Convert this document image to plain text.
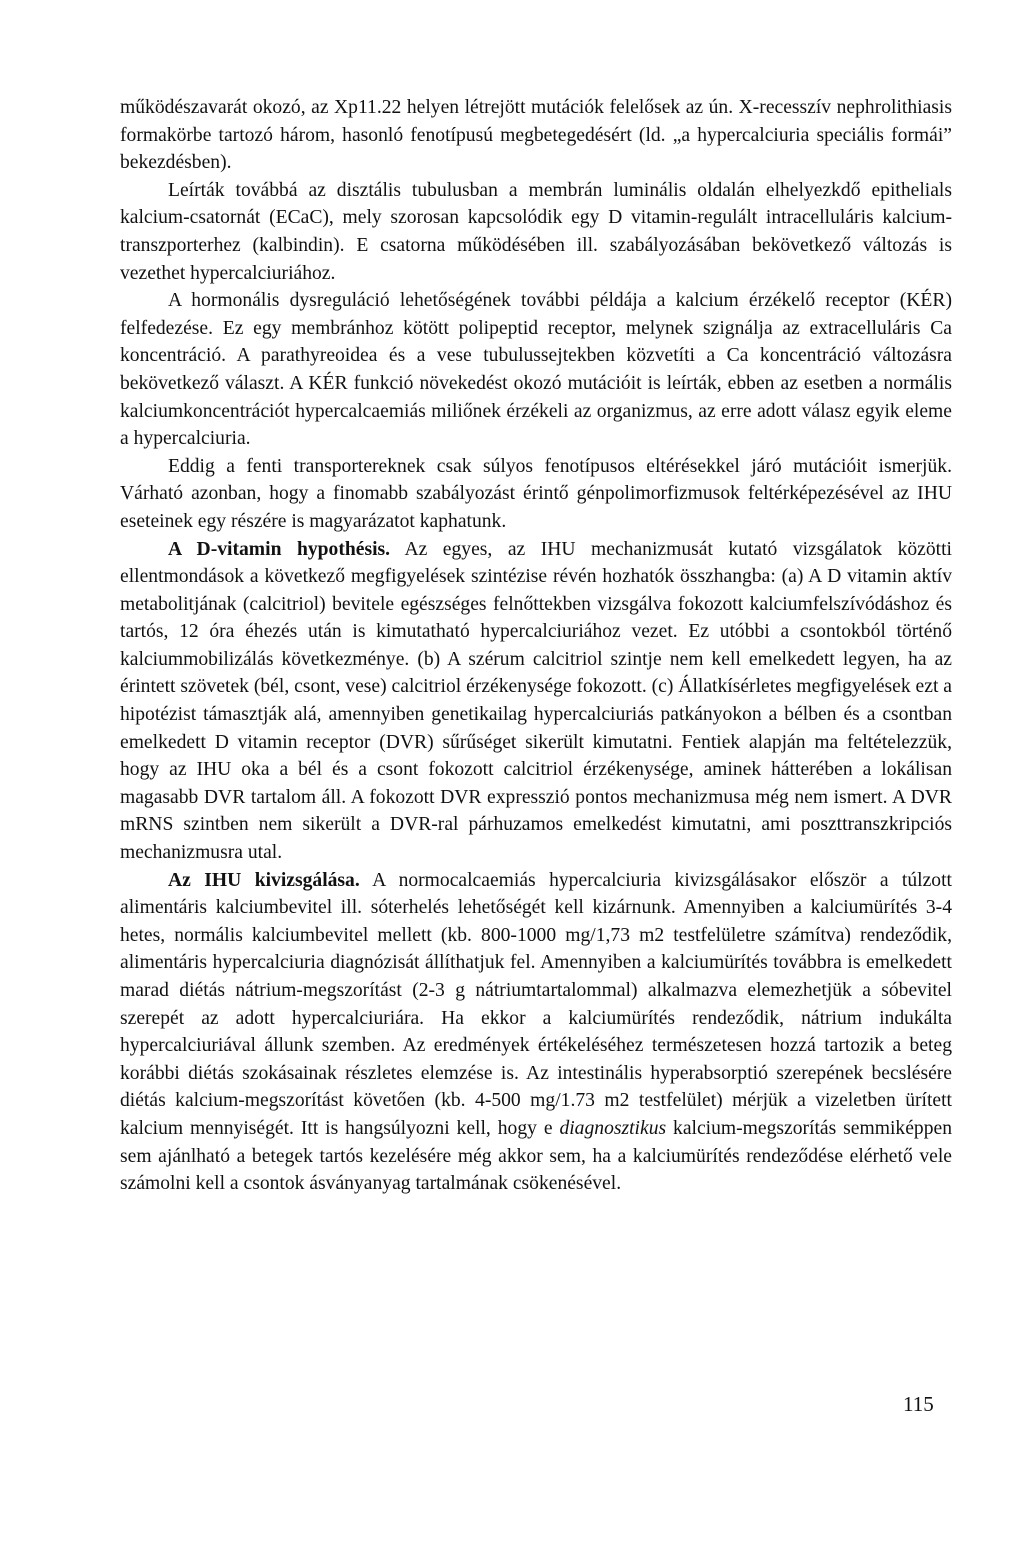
működészavarát okozó, az Xp11.22 helyen létrejött mutációk felelősek az ún. X-recesszív nephrolithiasis formakörbe tartozó három, hasonló fenotípusú megbetegedésért (ld. „a hypercalciuria speciális formái” bekezdésben).

Leírták továbbá az disztális tubulusban a membrán luminális oldalán elhelyezkdő epithelials kalcium-csatornát (ECaC), mely szorosan kapcsolódik egy D vitamin-regulált intracelluláris kalcium-transzporterhez (kalbindin). E csatorna működésében ill. szabályozásában bekövetkező változás is vezethet hypercalciuriához.

A hormonális dysreguláció lehetőségének további példája a kalcium érzékelő receptor (KÉR) felfedezése. Ez egy membránhoz kötött polipeptid receptor, melynek szignálja az extracelluláris Ca koncentráció. A parathyreoidea és a vese tubulussejtekben közvetíti a Ca koncentráció változásra bekövetkező választ. A KÉR funkció növekedést okozó mutációit is leírták, ebben az esetben a normális kalciumkoncentrációt hypercalcaemiás miliőnek érzékeli az organizmus, az erre adott válasz egyik eleme a hypercalciuria.

Eddig a fenti transportereknek csak súlyos fenotípusos eltérésekkel járó mutációit ismerjük. Várható azonban, hogy a finomabb szabályozást érintő génpolimorfizmusok feltérképezésével az IHU eseteinek egy részére is magyarázatot kaphatunk.

A D-vitamin hypothésis. Az egyes, az IHU mechanizmusát kutató vizsgálatok közötti ellentmondások a következő megfigyelések szintézise révén hozhatók összhangba: (a) A D vitamin aktív metabolitjának (calcitriol) bevitele egészséges felnőttekben vizsgálva fokozott kalciumfelszívódáshoz és tartós, 12 óra éhezés után is kimutatható hypercalciuriához vezet. Ez utóbbi a csontokból történő kalciummobilizálás következménye. (b) A szérum calcitriol szintje nem kell emelkedett legyen, ha az érintett szövetek (bél, csont, vese) calcitriol érzékenysége fokozott. (c) Állatkísérletes megfigyelések ezt a hipotézist támasztják alá, amennyiben genetikailag hypercalciuriás patkányokon a bélben és a csontban emelkedett D vitamin receptor (DVR) sűrűséget sikerült kimutatni. Fentiek alapján ma feltételezzük, hogy az IHU oka a bél és a csont fokozott calcitriol érzékenysége, aminek hátterében a lokálisan magasabb DVR tartalom áll. A fokozott DVR expresszió pontos mechanizmusa még nem ismert. A DVR mRNS szintben nem sikerült a DVR-ral párhuzamos emelkedést kimutatni, ami poszttranszkripciós mechanizmusra utal.

Az IHU kivizsgálása. A normocalcaemiás hypercalciuria kivizsgálásakor először a túlzott alimentáris kalciumbevitel ill. sóterhelés lehetőségét kell kizárnunk. Amennyiben a kalciumürítés 3-4 hetes, normális kalciumbevitel mellett (kb. 800-1000 mg/1,73 m2 testfelületre számítva) rendeződik, alimentáris hypercalciuria diagnózisát állíthatjuk fel. Amennyiben a kalciumürítés továbbra is emelkedett marad diétás nátrium-megszorítást (2-3 g nátriumtartalommal) alkalmazva elemezhetjük a sóbevitel szerepét az adott hypercalciuriára. Ha ekkor a kalciumürítés rendeződik, nátrium indukálta hypercalciuriával állunk szemben. Az eredmények értékeléséhez természetesen hozzá tartozik a beteg korábbi diétás szokásainak részletes elemzése is. Az intestinális hyperabsorptió szerepének becslésére diétás kalcium-megszorítást követően (kb. 4-500 mg/1.73 m2 testfelület) mérjük a vizeletben ürített kalcium mennyiségét. Itt is hangsúlyozni kell, hogy e diagnosztikus kalcium-megszorítás semmiképpen sem ajánlható a betegek tartós kezelésére még akkor sem, ha a kalciumürítés rendeződése elérhető vele számolni kell a csontok ásványanyag tartalmának csökenésével.

115
